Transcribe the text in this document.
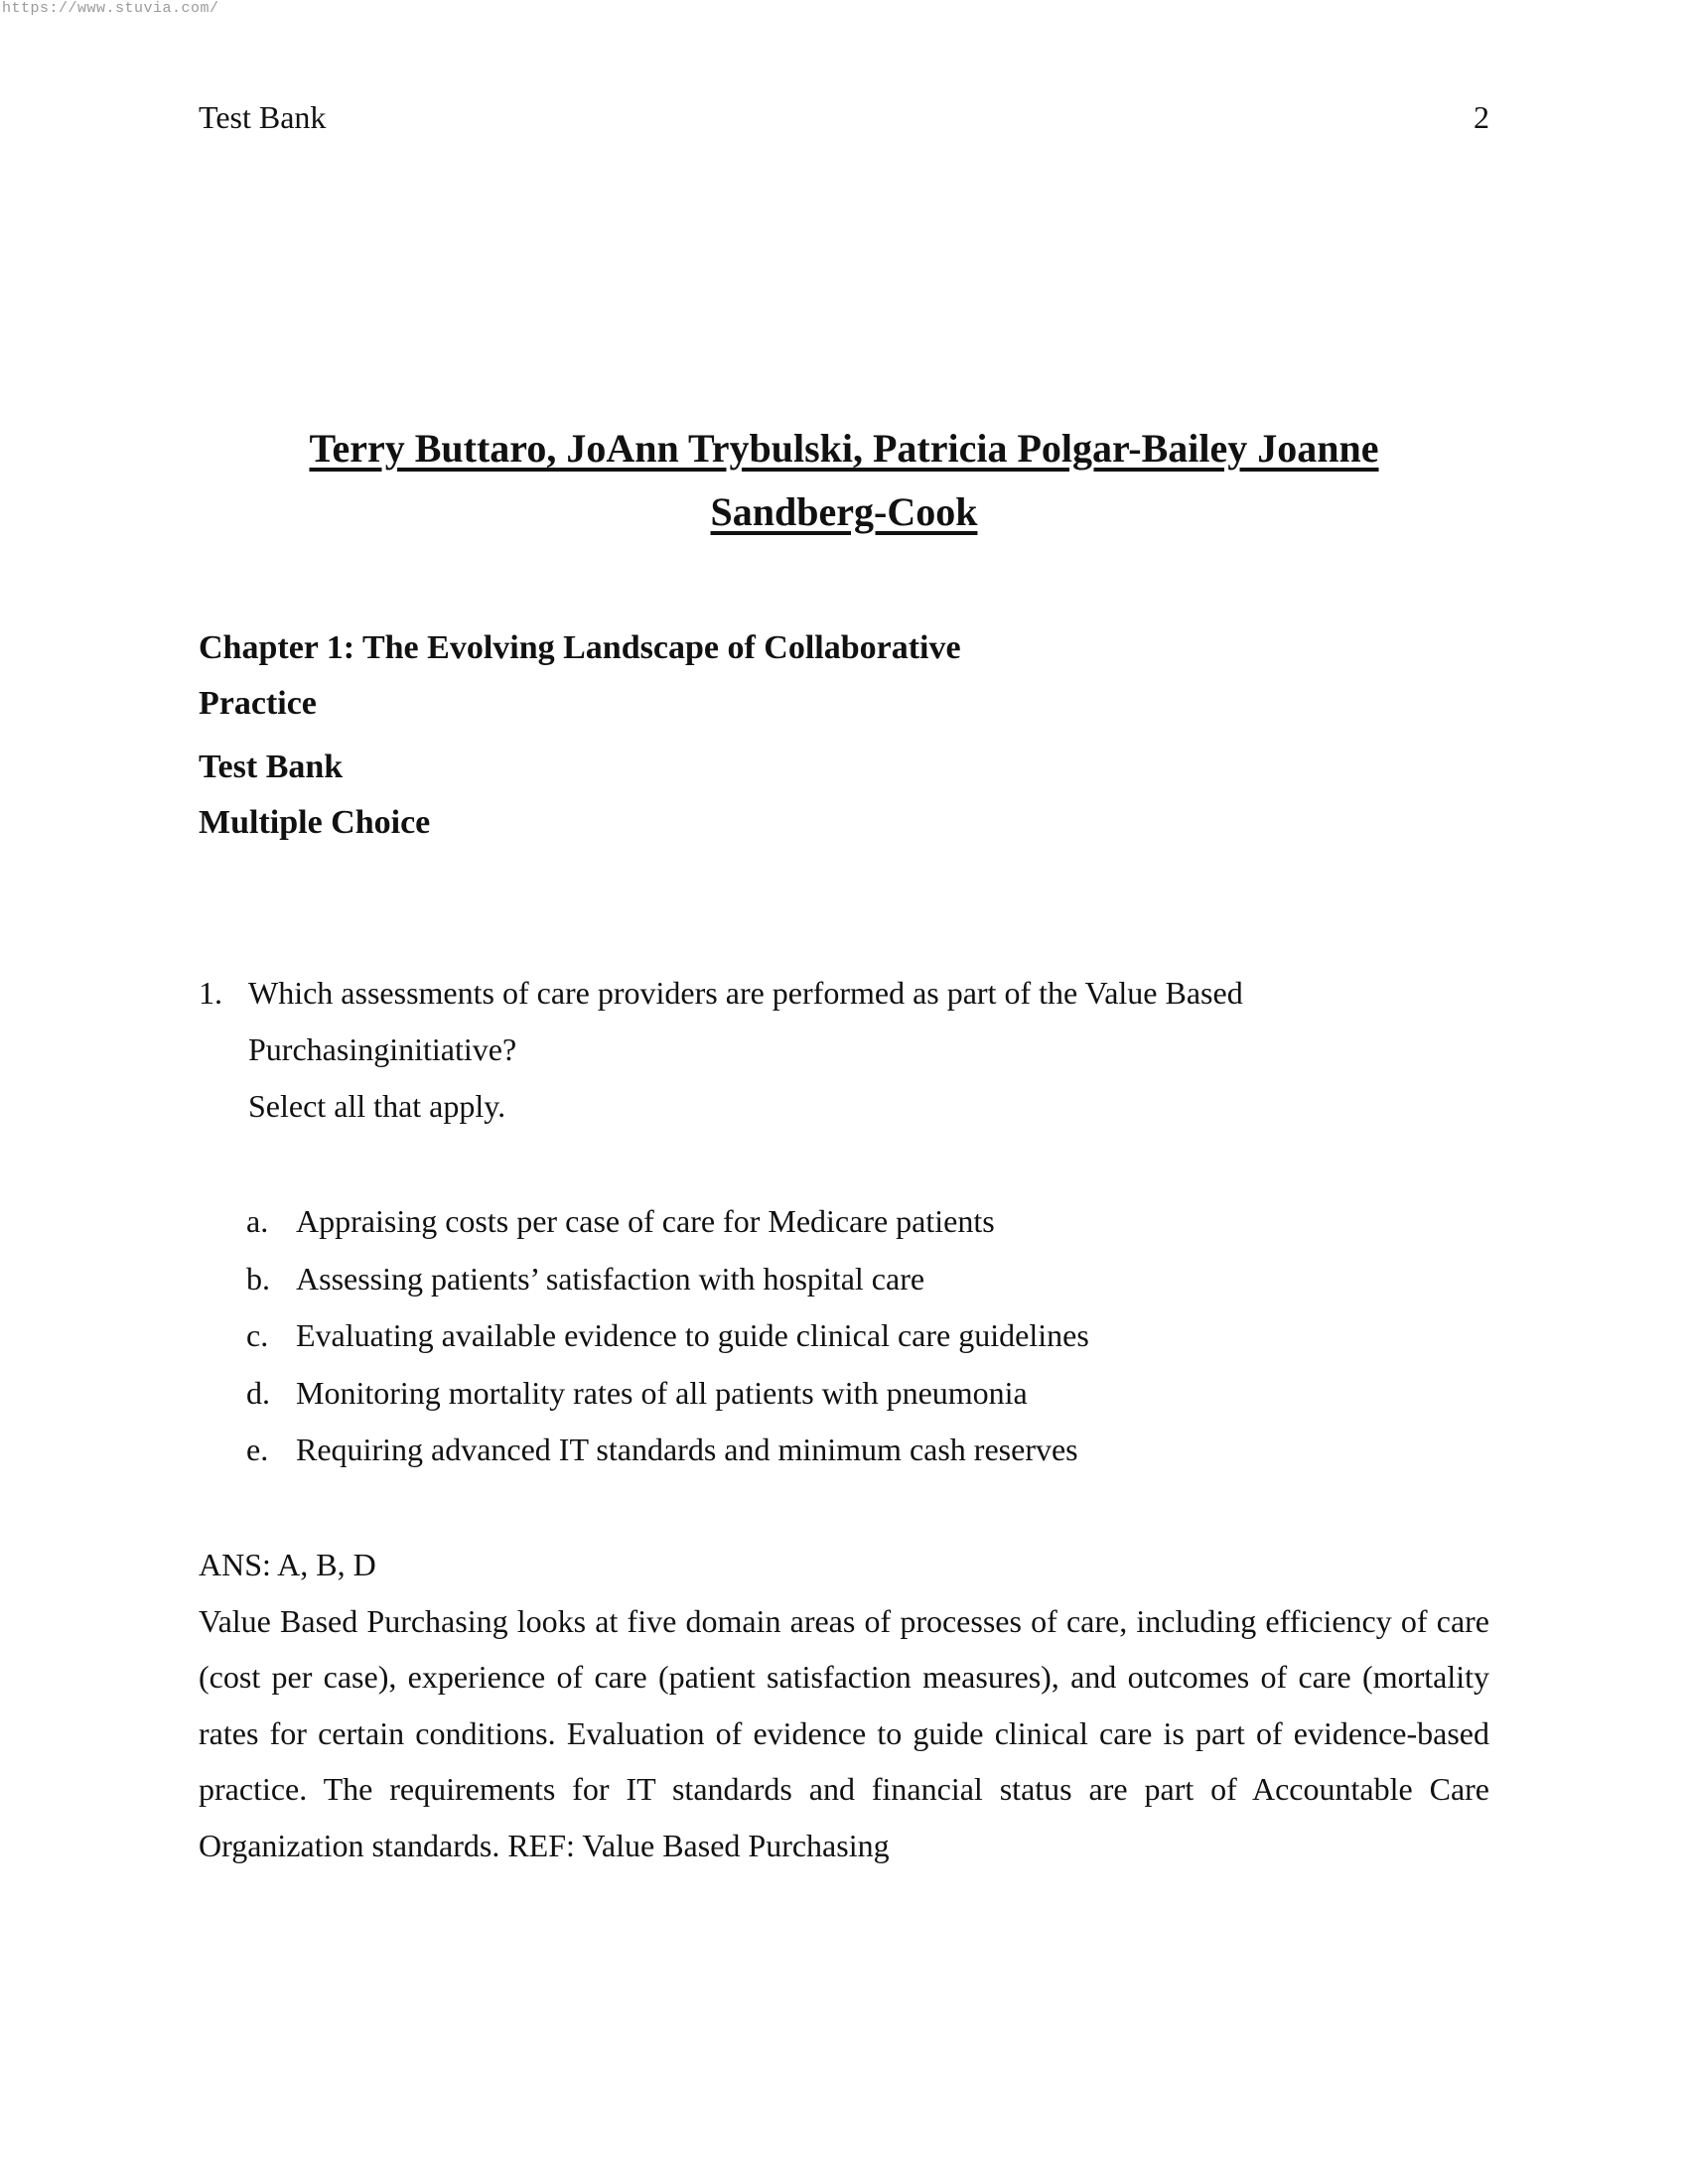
https://www.stuvia.com/
Test Bank	2
Terry Buttaro, JoAnn Trybulski, Patricia Polgar-Bailey Joanne
Sandberg-Cook
Chapter 1: The Evolving Landscape of Collaborative
Practice
Test Bank
Multiple Choice
1. Which assessments of care providers are performed as part of the Value Based
Purchasinginitiative?
Select all that apply.
a. Appraising costs per case of care for Medicare patients
b. Assessing patients’ satisfaction with hospital care
c. Evaluating available evidence to guide clinical care guidelines
d. Monitoring mortality rates of all patients with pneumonia
e. Requiring advanced IT standards and minimum cash reserves
ANS: A, B, D
Value Based Purchasing looks at five domain areas of processes of care, including efficiency of care (cost per case), experience of care (patient satisfaction measures), and outcomes of care (mortality rates for certain conditions. Evaluation of evidence to guide clinical care is part of evidence-based practice. The requirements for IT standards and financial status are part of Accountable Care Organization standards. REF: Value Based Purchasing
